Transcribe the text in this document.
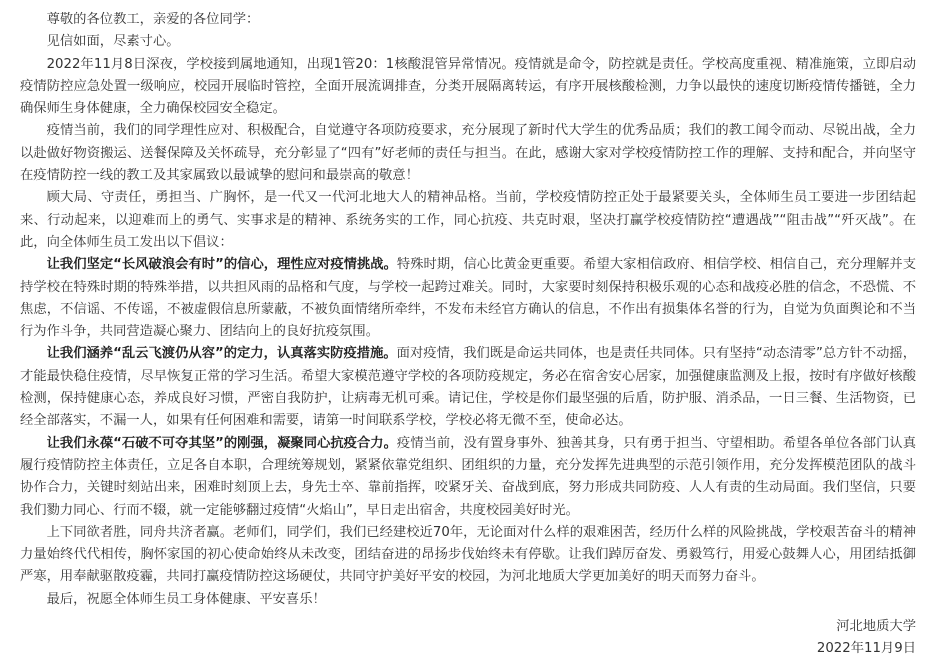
尊敬的各位教工，亲爱的各位同学：

见信如面，尽素寸心。

2022年11月8日深夜，学校接到属地通知，出现1管20：1核酸混管异常情况。疫情就是命令，防控就是责任。学校高度重视、精准施策，立即启动疫情防控应急处置一级响应，校园开展临时管控，全面开展流调排查，分类开展隔离转运，有序开展核酸检测，力争以最快的速度切断疫情传播链，全力确保师生身体健康，全力确保校园安全稳定。

疫情当前，我们的同学理性应对、积极配合，自觉遵守各项防疫要求，充分展现了新时代大学生的优秀品质；我们的教工闻令而动、尽锐出战，全力以赴做好物资搬运、送餐保障及关怀疏导，充分彰显了“四有”好老师的责任与担当。在此，感谢大家对学校疫情防控工作的理解、支持和配合，并向坚守在疫情防控一线的教工及其家属致以最诚挚的慰问和最崇高的敬意！

顾大局、守责任，勇担当、广胸怀，是一代又一代河北地大人的精神品格。当前，学校疫情防控正处于最紧要关头，全体师生员工要进一步团结起来、行动起来，以迎难而上的勇气、实事求是的精神、系统务实的工作，同心抗疫、共克时艰，坚决打赢学校疫情防控“遭遇战”“阻击战”“歼灭战”。在此，向全体师生员工发出以下倡议：

让我们坚定“长风破浪会有时”的信心，理性应对疫情挑战。特殊时期，信心比黄金更重要。希望大家相信政府、相信学校、相信自己，充分理解并支持学校在特殊时期的特殊举措，以共担风雨的品格和气度，与学校一起跨过难关。同时，大家要时刻保持积极乐观的心态和战疫必胜的信念，不恐慌、不焦虑，不信谣、不传谣，不被虚假信息所蒙蔽，不被负面情绪所牵绊，不发布未经官方确认的信息，不作出有损集体名誉的行为，自觉为负面舆论和不当行为作斗争，共同营造凝心聚力、团结向上的良好抗疫氛围。

让我们涵养“乱云飞渡仍从容”的定力，认真落实防疫措施。面对疫情，我们既是命运共同体，也是责任共同体。只有坚持“动态清零”总方针不动摇，才能最快稳住疫情，尽早恢复正常的学习生活。希望大家模范遵守学校的各项防疫规定，务必在宿舍安心居家，加强健康监测及上报，按时有序做好核酸检测，保持健康心态，养成良好习惯，严密自我防护，让病毒无机可乘。请记住，学校是你们最坚强的后盾，防护服、消杀品，一日三餐、生活物资，已经全部落实，不漏一人，如果有任何困难和需要，请第一时间联系学校，学校必将无微不至，使命必达。

让我们永葆“石破不可夺其坚”的刚强，凝聚同心抗疫合力。疫情当前，没有置身事外、独善其身，只有勇于担当、守望相助。希望各单位各部门认真履行疫情防控主体责任，立足各自本职，合理统筹规划，紧紧依靠党组织、团组织的力量，充分发挥先进典型的示范引领作用，充分发挥模范团队的战斗协作合力，关键时刻站出来，困难时刻顶上去，身先士卒、靠前指挥，咬紧牙关、奋战到底，努力形成共同防疫、人人有责的生动局面。我们坚信，只要我们勠力同心、行而不辍，就一定能够翻过疫情“火焰山”，早日走出宿舍，共度校园美好时光。

上下同欲者胜，同舟共济者赢。老师们，同学们，我们已经建校近70年，无论面对什么样的艰难困苦，经历什么样的风险挑战，学校艰苦奋斗的精神力量始终代代相传，胸怀家国的初心使命始终从未改变，团结奋进的昂扬步伐始终未有停歇。让我们踔厉奋发、勇毅笃行，用爱心鼓舞人心，用团结抵御严寒，用奉献驱散疫霾，共同打赢疫情防控这场硬仗，共同守护美好平安的校园，为河北地质大学更加美好的明天而努力奋斗。

最后，祝愿全体师生员工身体健康、平安喜乐！

河北地质大学

2022年11月9日
